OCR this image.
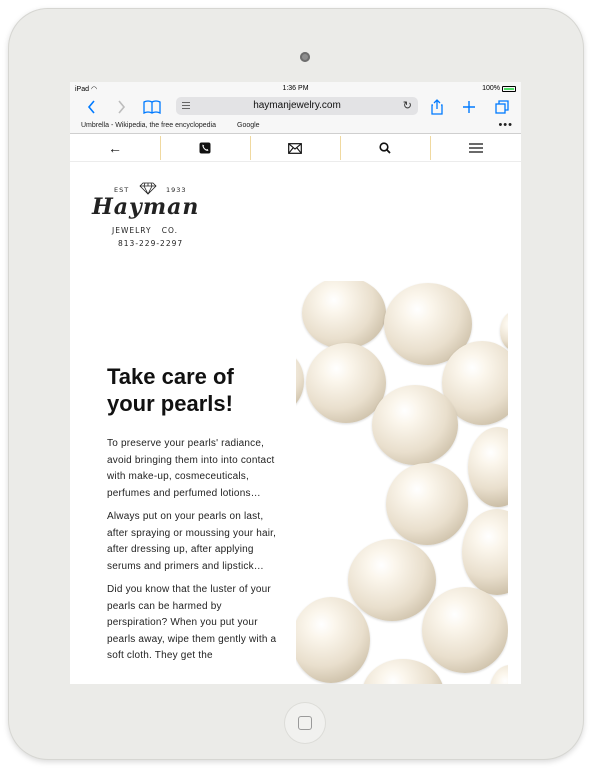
iPad ◠	1:36 PM	100%
haymanjewelry.com	↻
Umbrella - Wikipedia, the free encyclopedia	Google	•••
←
EST	1933
Hayman
JEWELRY   CO.
813-229-2297
Take care of your pearls!

To preserve your pearls' radiance, avoid bringing them into into contact with make-up, cosmeceuticals, perfumes and perfumed lotions…

Always put on your pearls on last, after spraying or moussing your hair, after dressing up, after applying serums and primers and lipstick…

Did you know that the luster of your pearls can be harmed by perspiration? When you put your pearls away, wipe them gently with a soft cloth. They get the
